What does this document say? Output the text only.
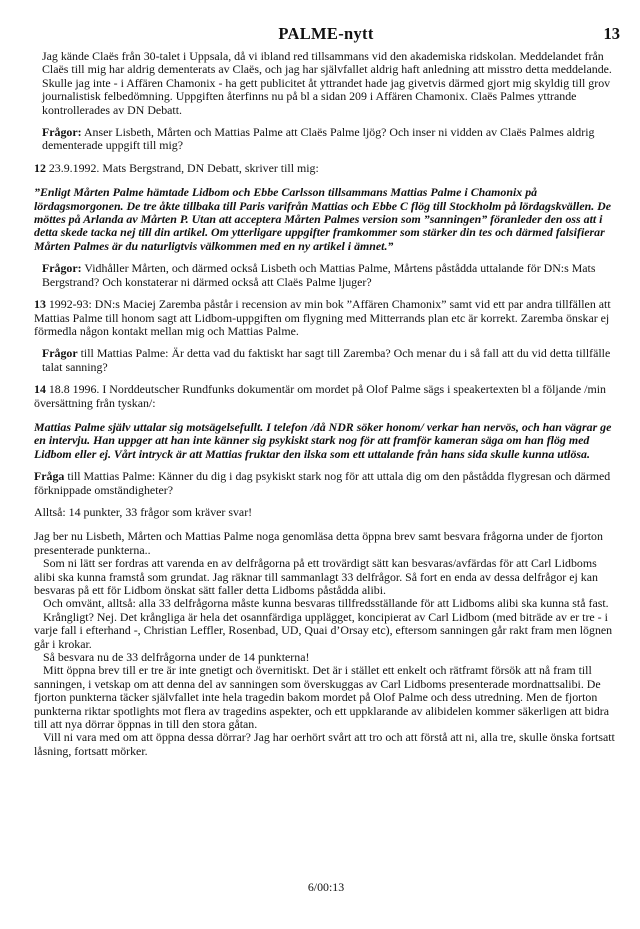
PALME-nytt	13

Jag kände Claës från 30-talet i Uppsala, då vi ibland red tillsammans vid den akademiska ridskolan. Meddelandet från Claës till mig har aldrig dementerats av Claës, och jag har självfallet aldrig haft anledning att misstro detta meddelande. Skulle jag inte - i Affären Chamonix - ha gett publicitet åt yttrandet hade jag givetvis därmed gjort mig skyldig till grov journalistisk felbedömning. Uppgiften återfinns nu på bl a sidan 209 i Affären Chamonix. Claës Palmes yttrande kontrollerades av DN Debatt.

Frågor: Anser Lisbeth, Mårten och Mattias Palme att Claës Palme ljög? Och inser ni vidden av Claës Palmes aldrig dementerade uppgift till mig?

12 23.9.1992. Mats Bergstrand, DN Debatt, skriver till mig:

”Enligt Mårten Palme hämtade Lidbom och Ebbe Carlsson tillsammans Mattias Palme i Chamonix på lördagsmorgonen. De tre åkte tillbaka till Paris varifrån Mattias och Ebbe C flög till Stockholm på lördagskvällen. De möttes på Arlanda av Mårten P. Utan att acceptera Mårten Palmes version som ”sanningen” föranleder den oss att i detta skede tacka nej till din artikel. Om ytterligare uppgifter framkommer som stärker din tes och därmed falsifierar Mårten Palmes är du naturligtvis välkommen med en ny artikel i ämnet.”

Frågor: Vidhåller Mårten, och därmed också Lisbeth och Mattias Palme, Mårtens påstådda uttalande för DN:s Mats Bergstrand? Och konstaterar ni därmed också att Claës Palme ljuger?

13 1992-93: DN:s Maciej Zaremba påstår i recension av min bok ”Affären Chamonix” samt vid ett par andra tillfällen att Mattias Palme till honom sagt att Lidbom-uppgiften om flygning med Mitterrands plan etc är korrekt. Zaremba önskar ej förmedla någon kontakt mellan mig och Mattias Palme.

Frågor till Mattias Palme: Är detta vad du faktiskt har sagt till Zaremba? Och menar du i så fall att du vid detta tillfälle talat sanning?

14 18.8 1996. I Norddeutscher Rundfunks dokumentär om mordet på Olof Palme sägs i speakertexten bl a följande /min översättning från tyskan/:

Mattias Palme själv uttalar sig motsägelsefullt. I telefon /då NDR söker honom/ verkar han nervös, och han vägrar ge en intervju. Han uppger att han inte känner sig psykiskt stark nog för att framför kameran säga om han flög med Lidbom eller ej. Vårt intryck är att Mattias fruktar den ilska som ett uttalande från hans sida skulle kunna utlösa.

Fråga till Mattias Palme: Känner du dig i dag psykiskt stark nog för att uttala dig om den påstådda flygresan och därmed förknippade omständigheter?

Alltså: 14 punkter, 33 frågor som kräver svar!

Jag ber nu Lisbeth, Mårten och Mattias Palme noga genomläsa detta öppna brev samt besvara frågorna under de fjorton presenterade punkterna..

Som ni lätt ser fordras att varenda en av delfrågorna på ett trovärdigt sätt kan besvaras/avfärdas för att Carl Lidboms alibi ska kunna framstå som grundat. Jag räknar till sammanlagt 33 delfrågor. Så fort en enda av dessa delfrågor ej kan besvaras på ett för Lidbom önskat sätt faller detta Lidboms påstådda alibi.

Och omvänt, alltså: alla 33 delfrågorna måste kunna besvaras tillfredsställande för att Lidboms alibi ska kunna stå fast.

Krångligt? Nej. Det krångliga är hela det osannfärdiga upplägget, koncipierat av Carl Lidbom (med biträde av er tre - i varje fall i efterhand -, Christian Leffler, Rosenbad, UD, Quai d’Orsay etc), eftersom sanningen går rakt fram men lögnen går i krokar.

Så besvara nu de 33 delfrågorna under de 14 punkterna!

Mitt öppna brev till er tre är inte gnetigt och övernitiskt. Det är i stället ett enkelt och rätframt försök att nå fram till sanningen, i vetskap om att denna del av sanningen som överskuggas av Carl Lidboms presenterade mordnattsalibi. De fjorton punkterna täcker självfallet inte hela tragedin bakom mordet på Olof Palme och dess utredning. Men de fjorton punkterna riktar spotlights mot flera av tragedins aspekter, och ett uppklarande av alibidelen kommer säkerligen att bidra till att nya dörrar öppnas in till den stora gåtan.

Vill ni vara med om att öppna dessa dörrar? Jag har oerhört svårt att tro och att förstå att ni, alla tre, skulle önska fortsatt låsning, fortsatt mörker.

6/00:13
